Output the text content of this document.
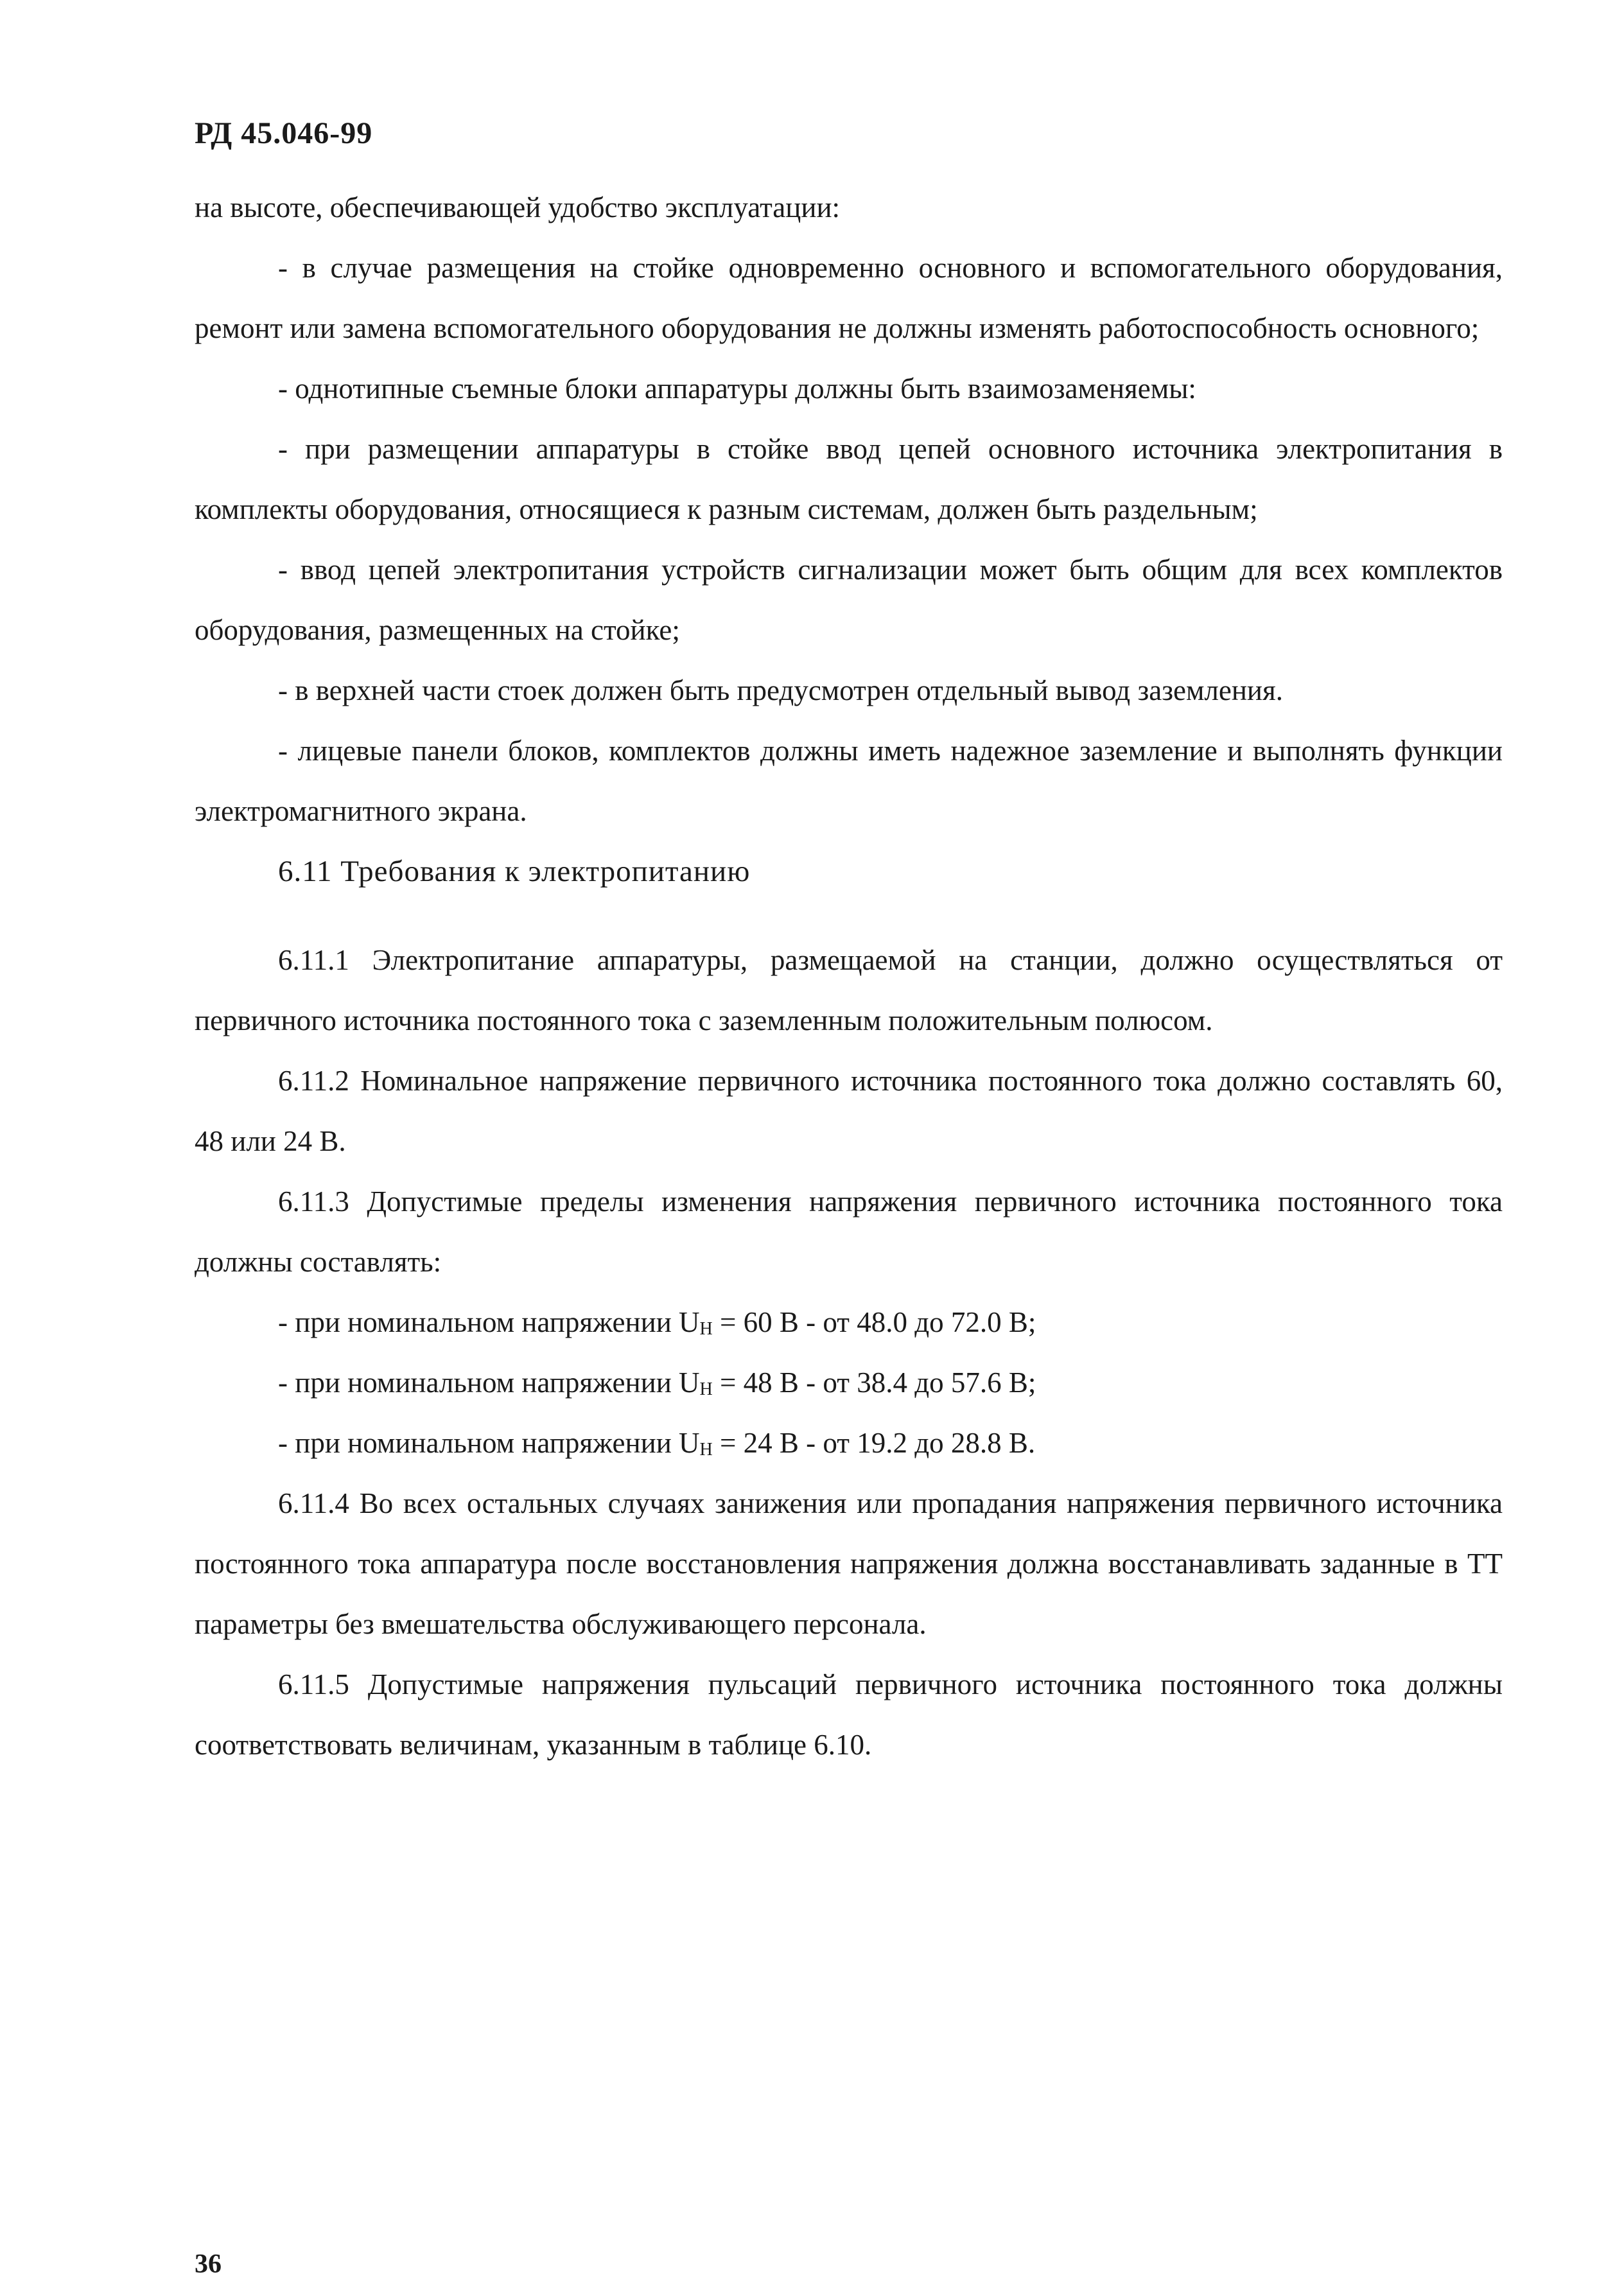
РД 45.046-99

на высоте, обеспечивающей удобство эксплуатации:

- в случае размещения на стойке одновременно основного и вспомогательного оборудования, ремонт или замена вспомогательного оборудования не должны изменять работоспособность основного;

- однотипные съемные блоки аппаратуры должны быть взаимозаменяемы:

- при размещении аппаратуры в стойке ввод цепей основного источника электропитания в комплекты оборудования, относящиеся к разным системам, должен быть раздельным;

- ввод цепей электропитания устройств сигнализации может быть общим для всех комплектов оборудования, размещенных на стойке;

- в верхней части стоек должен быть предусмотрен отдельный вывод заземления.

- лицевые панели блоков, комплектов должны иметь надежное заземление и выполнять функции электромагнитного экрана.

6.11 Требования к электропитанию

6.11.1 Электропитание аппаратуры, размещаемой на станции, должно осуществляться от первичного источника постоянного тока с заземленным положительным полюсом.

6.11.2 Номинальное напряжение первичного источника постоянного тока должно составлять 60, 48 или 24 В.

6.11.3 Допустимые пределы изменения напряжения первичного источника постоянного тока должны составлять:

- при номинальном напряжении $U_H = 60$ В - от 48.0 до 72.0 В;

- при номинальном напряжении $U_H = 48$ В - от 38.4 до 57.6 В;

- при номинальном напряжении $U_H = 24$ В - от 19.2 до 28.8 В.

6.11.4 Во всех остальных случаях занижения или пропадания напряжения первичного источника постоянного тока аппаратура после восстановления напряжения должна восстанавливать заданные в ТТ параметры без вмешательства обслуживающего персонала.

6.11.5 Допустимые напряжения пульсаций первичного источника постоянного тока должны соответствовать величинам, указанным в таблице 6.10.

36
